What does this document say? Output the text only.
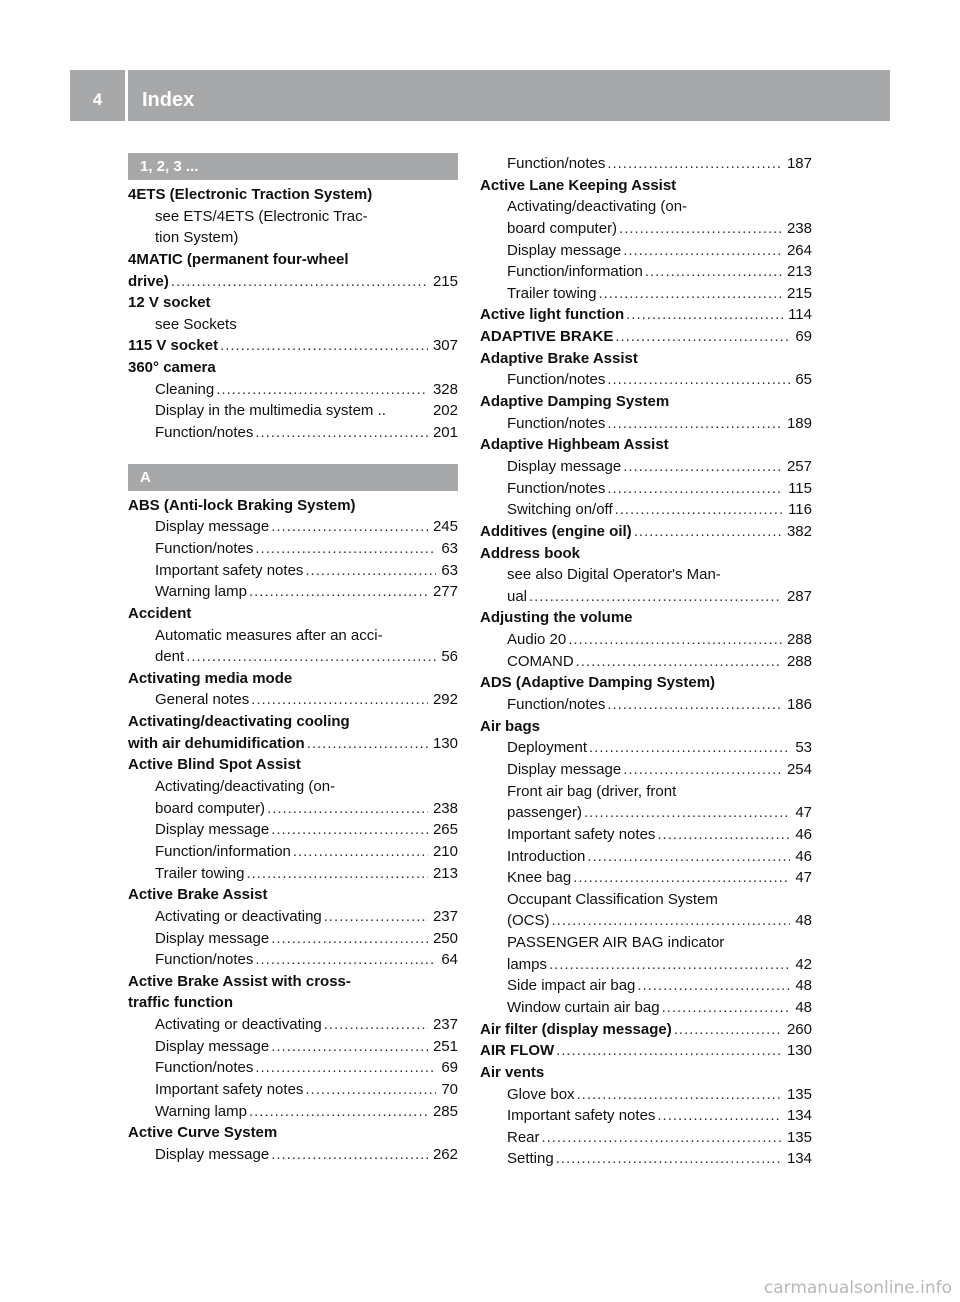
4	Index
1, 2, 3 ...
4ETS (Electronic Traction System)
see ETS/4ETS (Electronic Trac-
tion System)
4MATIC (permanent four-wheel
drive) . . .	215
12 V socket
see Sockets
115 V socket . . .	307
360° camera
Cleaning . . .	328
Display in the multimedia system ..	202
Function/notes . . .	201
A
ABS (Anti-lock Braking System)
Display message . . .	245
Function/notes . . .	63
Important safety notes . . .	63
Warning lamp . . .	277
Accident
Automatic measures after an acci-
dent . . .	56
Activating media mode
General notes . . .	292
Activating/deactivating cooling
with air dehumidification . . .	130
Active Blind Spot Assist
Activating/deactivating (on-
board computer) . . .	238
Display message . . .	265
Function/information . . .	210
Trailer towing . . .	213
Active Brake Assist
Activating or deactivating . . .	237
Display message . . .	250
Function/notes . . .	64
Active Brake Assist with cross-
traffic function
Activating or deactivating . . .	237
Display message . . .	251
Function/notes . . .	69
Important safety notes . . .	70
Warning lamp . . .	285
Active Curve System
Display message . . .	262
Function/notes . . .	187
Active Lane Keeping Assist
Activating/deactivating (on-
board computer) . . .	238
Display message . . .	264
Function/information . . .	213
Trailer towing . . .	215
Active light function . . .	114
ADAPTIVE BRAKE . . .	69
Adaptive Brake Assist
Function/notes . . .	65
Adaptive Damping System
Function/notes . . .	189
Adaptive Highbeam Assist
Display message . . .	257
Function/notes . . .	115
Switching on/off . . .	116
Additives (engine oil) . . .	382
Address book
see also Digital Operator's Man-
ual . . .	287
Adjusting the volume
Audio 20 . . .	288
COMAND . . .	288
ADS (Adaptive Damping System)
Function/notes . . .	186
Air bags
Deployment . . .	53
Display message . . .	254
Front air bag (driver, front
passenger) . . .	47
Important safety notes . . .	46
Introduction . . .	46
Knee bag . . .	47
Occupant Classification System
(OCS) . . .	48
PASSENGER AIR BAG indicator
lamps . . .	42
Side impact air bag . . .	48
Window curtain air bag . . .	48
Air filter (display message) . . .	260
AIR FLOW . . .	130
Air vents
Glove box . . .	135
Important safety notes . . .	134
Rear . . .	135
Setting . . .	134
carmanualsonline.info
